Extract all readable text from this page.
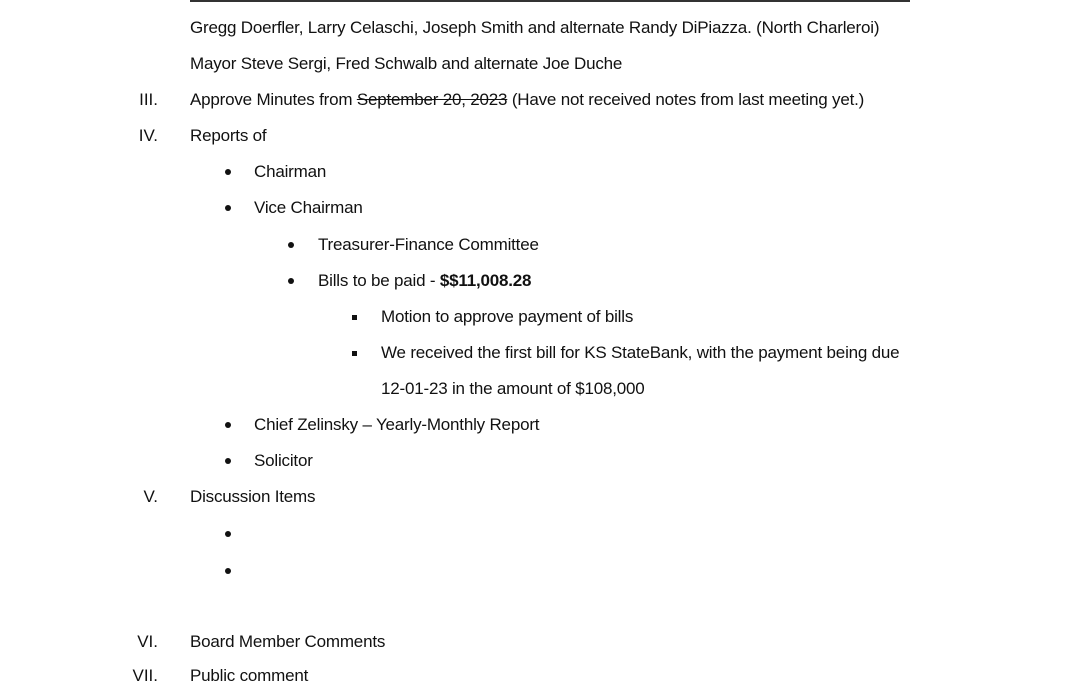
Gregg Doerfler, Larry Celaschi, Joseph Smith and alternate Randy DiPiazza. (North Charleroi)
Mayor Steve Sergi, Fred Schwalb and alternate Joe Duche
III. Approve Minutes from September 20, 2023 (Have not received notes from last meeting yet.)
IV. Reports of
Chairman
Vice Chairman
Treasurer-Finance Committee
Bills to be paid - $$11,008.28
Motion to approve payment of bills
We received the first bill for KS StateBank, with the payment being due
12-01-23 in the amount of $108,000
Chief Zelinsky – Yearly-Monthly Report
Solicitor
V. Discussion Items
VI. Board Member Comments
VII. Public comment
